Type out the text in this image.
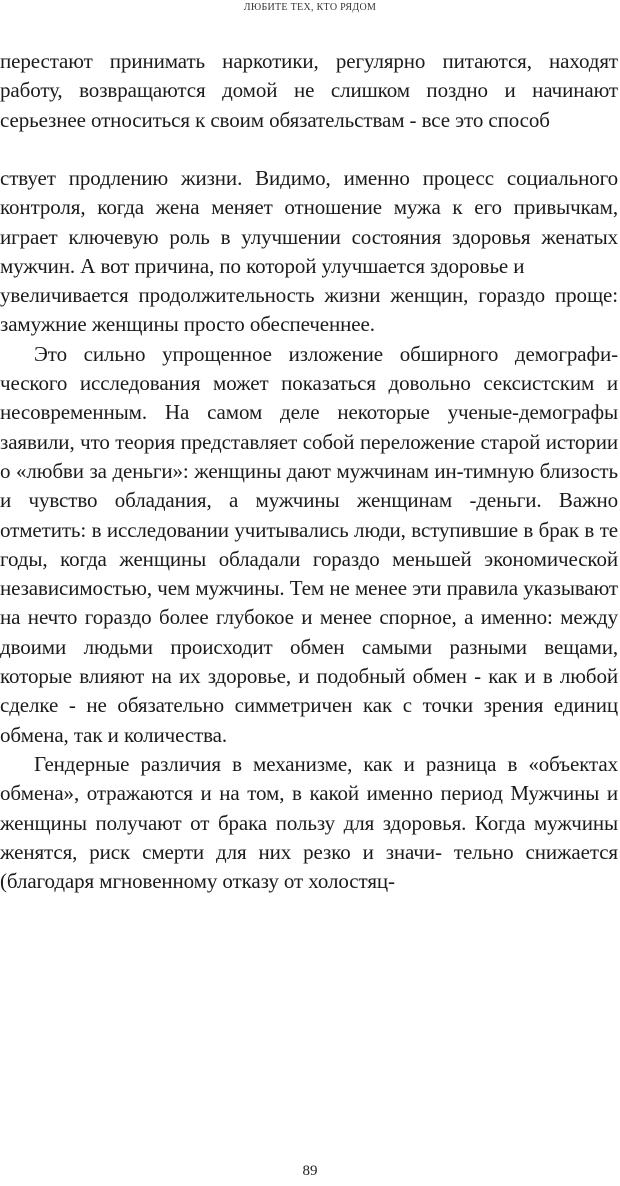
ЛЮБИТЕ ТЕХ, КТО РЯДОМ

перестают принимать наркотики, регулярно питаются, находят работу, возвращаются домой не слишком поздно и начинают серьезнее относиться к своим обязательствам - все это способ

ствует продлению жизни. Видимо, именно процесс социального контроля, когда жена меняет отношение мужа к его привычкам, играет ключевую роль в улучшении состояния здоровья женатых мужчин. А вот причина, по которой улучшается здоровье и

увеличивается продолжительность жизни женщин, гораздо проще: замужние женщины просто обеспеченнее.

Это сильно упрощенное изложение обширного демографи-ческого исследования может показаться довольно сексистским и несовременным. На самом деле некоторые ученые-демографы заявили, что теория представляет собой переложение старой истории о «любви за деньги»: женщины дают мужчинам ин-тимную близость и чувство обладания, а мужчины женщинам -деньги. Важно отметить: в исследовании учитывались люди, вступившие в брак в те годы, когда женщины обладали гораздо меньшей экономической независимостью, чем мужчины. Тем не менее эти правила указывают на нечто гораздо более глубокое и менее спорное, а именно: между двоими людьми происходит обмен самыми разными вещами, которые влияют на их здоровье, и подобный обмен - как и в любой сделке - не обязательно симметричен как с точки зрения единиц обмена, так и количества.

Гендерные различия в механизме, как и разница в «объектах обмена», отражаются и на том, в какой именно период Мужчины и женщины получают от брака пользу для здоровья. Когда мужчины женятся, риск смерти для них резко и значи- тельно снижается (благодаря мгновенному отказу от холостяц-

89
